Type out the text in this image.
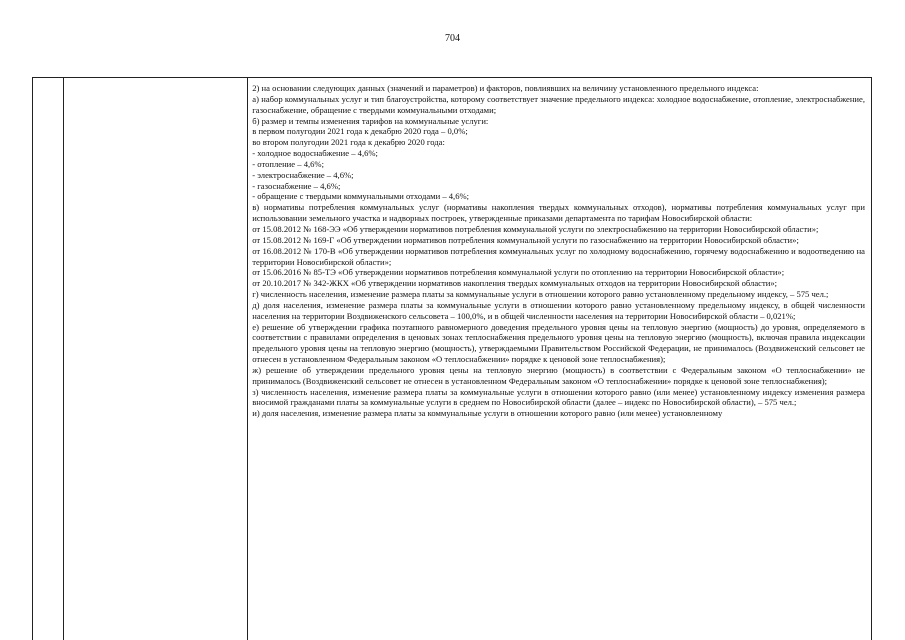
704

2) на основании следующих данных (значений и параметров) и факторов, повлиявших на величину установленного предельного индекса:

а) набор коммунальных услуг и тип благоустройства, которому соответствует значение предельного индекса: холодное водоснабжение, отопление, электроснабжение, газоснабжение, обращение с твердыми коммунальными отходами;

б) размер и темпы изменения тарифов на коммунальные услуги:

в первом полугодии 2021 года к декабрю 2020 года – 0,0%;

во втором полугодии 2021 года к декабрю 2020 года:

- холодное водоснабжение – 4,6%;

- отопление – 4,6%;

- электроснабжение – 4,6%;

- газоснабжение – 4,6%;

- обращение с твердыми коммунальными отходами – 4,6%;

в) нормативы потребления коммунальных услуг (нормативы накопления твердых коммунальных отходов), нормативы потребления коммунальных услуг при использовании земельного участка и надворных построек, утвержденные приказами департамента по тарифам Новосибирской области:

от 15.08.2012 № 168-ЭЭ «Об утверждении нормативов потребления коммунальной услуги по электроснабжению на территории Новосибирской области»;

от 15.08.2012 № 169-Г «Об утверждении нормативов потребления коммунальной услуги по газоснабжению на территории Новосибирской области»;

от 16.08.2012 № 170-В «Об утверждении нормативов потребления коммунальных услуг по холодному водоснабжению, горячему водоснабжению и водоотведению на территории Новосибирской области»;

от 15.06.2016 № 85-ТЭ «Об утверждении нормативов потребления коммунальной услуги по отоплению на территории Новосибирской области»;

от 20.10.2017 № 342-ЖКХ «Об утверждении нормативов накопления твердых коммунальных отходов на территории Новосибирской области»;

г) численность населения, изменение размера платы за коммунальные услуги в отношении которого равно установленному предельному индексу, – 575 чел.;

д) доля населения, изменение размера платы за коммунальные услуги в отношении которого равно установленному предельному индексу, в общей численности населения на территории Воздвиженского сельсовета – 100,0%, и в общей численности населения на территории Новосибирской области – 0,021%;

е) решение об утверждении графика поэтапного равномерного доведения предельного уровня цены на тепловую энергию (мощность) до уровня, определяемого в соответствии с правилами определения в ценовых зонах теплоснабжения предельного уровня цены на тепловую энергию (мощность), включая правила индексации предельного уровня цены на тепловую энергию (мощность), утверждаемыми Правительством Российской Федерации, не принималось (Воздвиженский сельсовет не отнесен в установленном Федеральным законом «О теплоснабжении» порядке к ценовой зоне теплоснабжения);

ж) решение об утверждении предельного уровня цены на тепловую энергию (мощность) в соответствии с Федеральным законом «О теплоснабжении» не принималось (Воздвиженский сельсовет не отнесен в установленном Федеральным законом «О теплоснабжении» порядке к ценовой зоне теплоснабжения);

з) численность населения, изменение размера платы за коммунальные услуги в отношении которого равно (или менее) установленному индексу изменения размера вносимой гражданами платы за коммунальные услуги в среднем по Новосибирской области (далее – индекс по Новосибирской области), – 575 чел.;

и) доля населения, изменение размера платы за коммунальные услуги в отношении которого равно (или менее) установленному
